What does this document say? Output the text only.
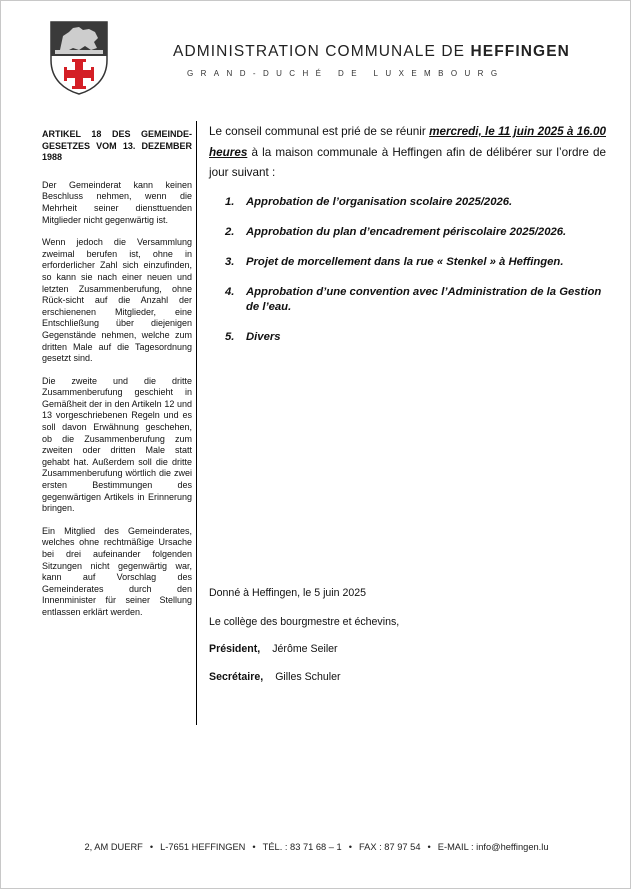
ADMINISTRATION COMMUNALE DE HEFFINGEN
GRAND-DUCHÉ DE LUXEMBOURG
ARTIKEL 18 DES GEMEINDE-GESETZES VOM 13. DEZEMBER 1988

Der Gemeinderat kann keinen Beschluss nehmen, wenn die Mehrheit seiner diensttuenden Mitglieder nicht gegenwärtig ist.

Wenn jedoch die Versammlung zweimal berufen ist, ohne in erforderlicher Zahl sich einzufinden, so kann sie nach einer neuen und letzten Zusammenberufung, ohne Rück-sicht auf die Anzahl der erschienenen Mitglieder, eine Entschließung über diejenigen Gegenstände nehmen, welche zum dritten Male auf die Tagesordnung gesetzt sind.

Die zweite und die dritte Zusammenberufung geschieht in Gemäßheit der in den Artikeln 12 und 13 vorgeschriebenen Regeln und es soll davon Erwähnung geschehen, ob die Zusammenberufung zum zweiten oder dritten Male statt gehabt hat. Außerdem soll die dritte Zusammenberufung wörtlich die zwei ersten Bestimmungen des gegenwärtigen Artikels in Erinnerung bringen.

Ein Mitglied des Gemeinderates, welches ohne rechtmäßige Ursache bei drei aufeinander folgenden Sitzungen nicht gegenwärtig war, kann auf Vorschlag des Gemeinderates durch den Innenminister für seiner Stellung entlassen erklärt werden.

Le conseil communal est prié de se réunir mercredi, le 11 juin 2025 à 16.00 heures à la maison communale à Heffingen afin de délibérer sur l’ordre de jour suivant :
1. Approbation de l’organisation scolaire 2025/2026.
2. Approbation du plan d’encadrement périscolaire 2025/2026.
3. Projet de morcellement dans la rue « Stenkel » à Heffingen.
4. Approbation d’une convention avec l’Administration de la Gestion de l’eau.
5. Divers
Donné à Heffingen, le 5 juin 2025
Le collège des bourgmestre et échevins,
Président, Jérôme Seiler
Secrétaire, Gilles Schuler
2, AM DUERF • L-7651 HEFFINGEN • TÉL. : 83 71 68 – 1 • FAX : 87 97 54 • E-MAIL : info@heffingen.lu
